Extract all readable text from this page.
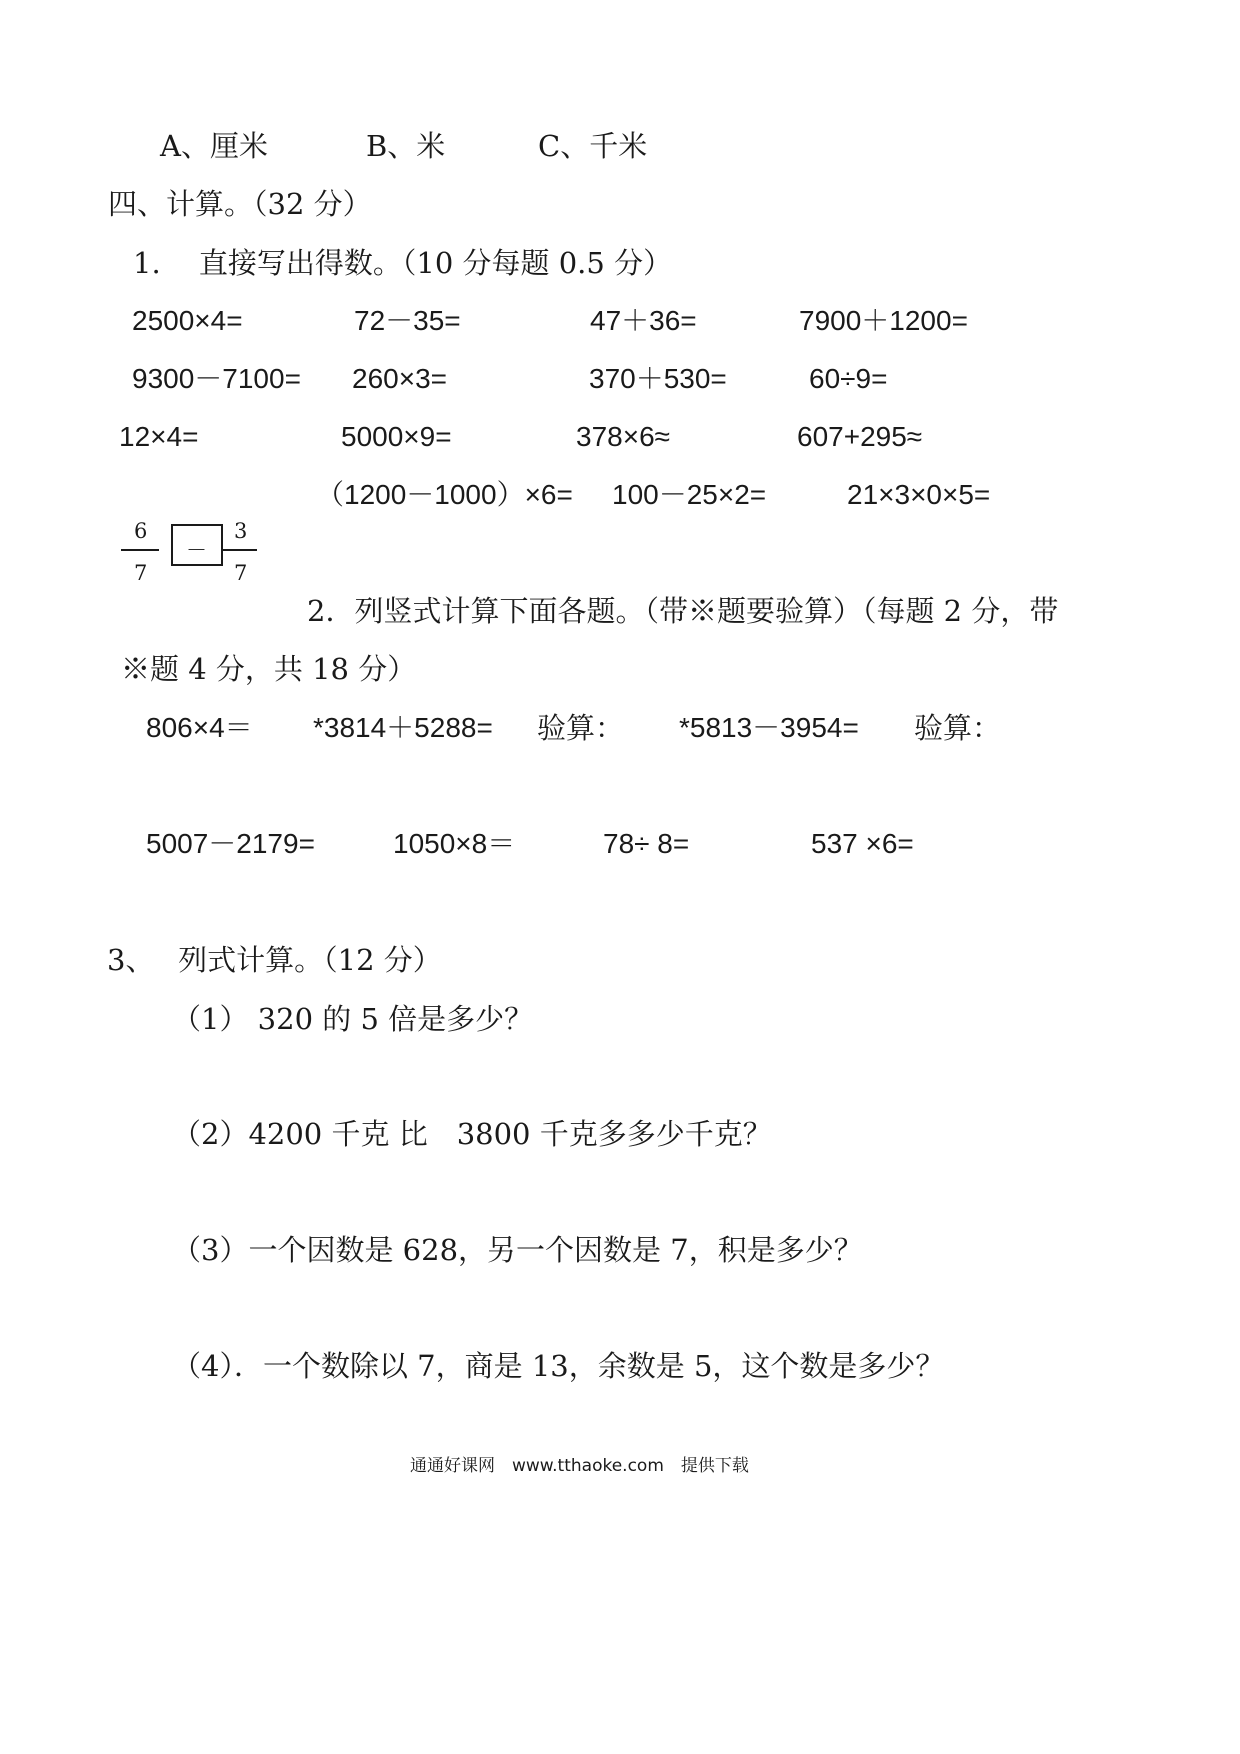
A、厘米	B、米	C、千米
四、计算。（32 分）
1.　 直接写出得数。（10 分每题 0.5 分）
2500×4=	72－35=	47＋36=	7900＋1200=
9300－7100= 260×3=	370＋530=	60÷9=
12×4=	5000×9=	378×6≈	607+295≈
（1200－1000）×6= 100－25×2=	21×3×0×5=
6
7
－
3
7
2．列竖式计算下面各题。（带※题要验算）（每题 2 分，带
※题 4 分，共 18 分）
806×4＝ *3814＋5288= 验算： *5813－3954= 验算：
5007－2179=	1050×8＝	78÷ 8=	537 ×6=
3、　 列式计算。（12 分）
（1） 320 的 5 倍是多少？
（2）4200 千克 比　3800 千克多多少千克？
（3）一个因数是 628，另一个因数是 7，积是多少？
（4）．一个数除以 7，商是 13，余数是 5，这个数是多少？
通通好课网　www.tthaoke.com　提供下载
